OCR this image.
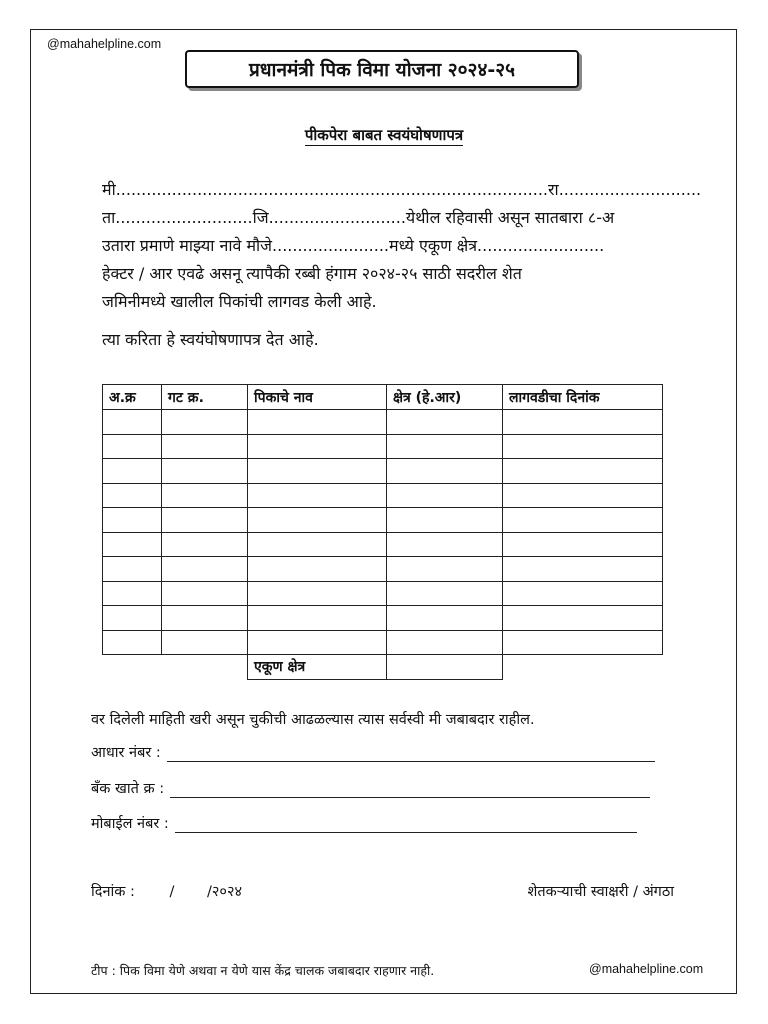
@mahahelpline.com
प्रधानमंत्री पिक विमा योजना २०२४-२५
पीकपेरा बाबत स्वयंघोषणापत्र
मी.....................................................................................रा............................
ता...........................जि...........................येथील रहिवासी असून सातबारा ८-अ
उतारा प्रमाणे माझ्या नावे मौजे.......................मध्ये एकूण क्षेत्र.........................
हेक्टर / आर एवढे असनू त्यापैकी रब्बी हंगाम २०२४-२५ साठी सदरील शेत
जमिनीमध्ये खालील पिकांची लागवड केली आहे.
त्या करिता हे स्वयंघोषणापत्र देत आहे.
अ.क्र	गट क्र.	पिकाचे नाव	क्षेत्र (हे.आर)	लागवडीचा दिनांक

		एकूण क्षेत्र		
वर दिलेली माहिती खरी असून चुकीची आढळल्यास त्यास सर्वस्वी मी जबाबदार राहील.
आधार नंबर :
बँक खाते क्र :
मोबाईल नंबर :
दिनांक : / /२०२४	शेतकऱ्याची स्वाक्षरी / अंगठा
टीप : पिक विमा येणे अथवा न येणे यास केंद्र चालक जबाबदार राहणार नाही.	@mahahelpline.com
